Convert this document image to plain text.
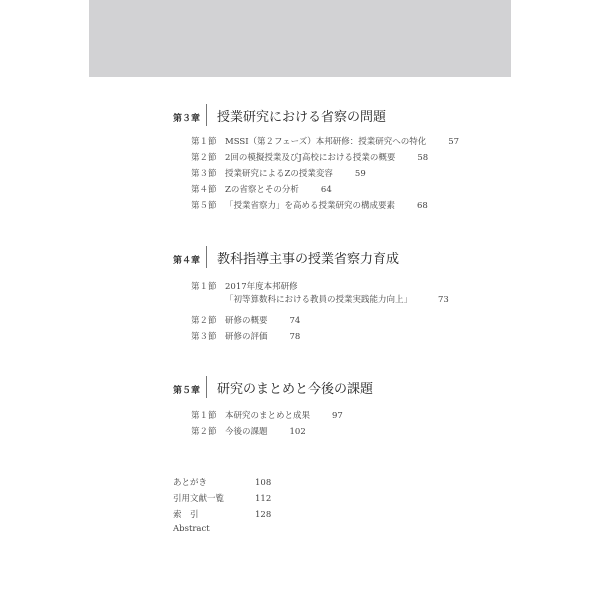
第３章 授業研究における省察の問題
第１節 MSSI（第２フェーズ）本邦研修：授業研究への特化	57
第２節 2回の模擬授業及びJ高校における授業の概要	58
第３節 授業研究によるZの授業変容	59
第４節 Zの省察とその分析	64
第５節 「授業省察力」を高める授業研究の構成要素	68
第４章 教科指導主事の授業省察力育成
第１節 2017年度本邦研修
「初等算数科における教員の授業実践能力向上」	73
第２節 研修の概要	74
第３節 研修の評価	78
第５章 研究のまとめと今後の課題
第１節 本研究のまとめと成果	97
第２節 今後の課題	102
あとがき	108
引用文献一覧	112
索　引	128
Abstract
